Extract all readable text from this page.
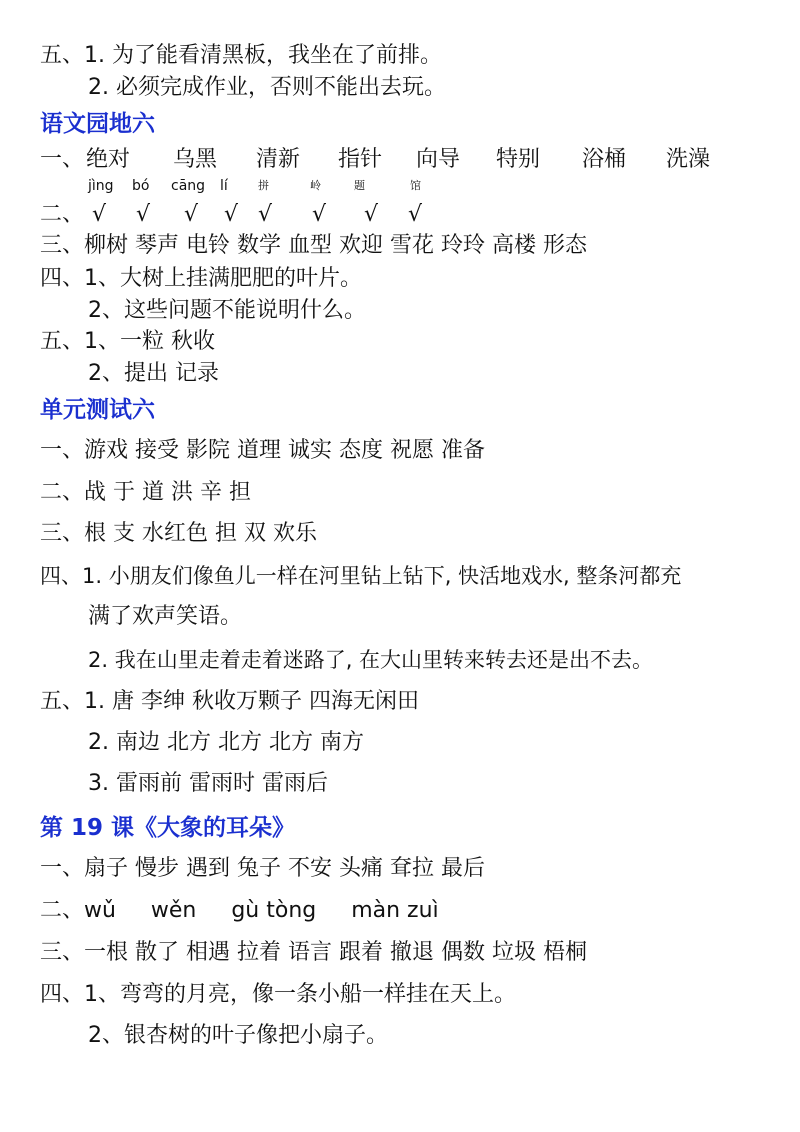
五、1. 为了能看清黑板，我坐在了前排。
2. 必须完成作业，否则不能出去玩。
语文园地六
一、 绝对 乌黑 清新 指针 向导 特别 浴桶 洗澡
jìng bó cāng lí	拼	岭	题	馆
二、 √ √ √ √ √ √ √ √
三、柳树 琴声 电铃 数学 血型 欢迎 雪花 玲玲 高楼 形态
四、1、大树上挂满肥肥的叶片。
2、这些问题不能说明什么。
五、1、一粒 秋收
2、提出 记录
单元测试六
一、游戏 接受 影院 道理 诚实 态度 祝愿 准备
二、战 于 道 洪 辛 担
三、根 支 水红色 担 双 欢乐
四、1. 小朋友们像鱼儿一样在河里钻上钻下, 快活地戏水, 整条河都充
满了欢声笑语。
2. 我在山里走着走着迷路了, 在大山里转来转去还是出不去。
五、1. 唐 李绅 秋收万颗子 四海无闲田
2. 南边 北方 北方 北方 南方
3. 雷雨前 雷雨时 雷雨后
第 19 课《大象的耳朵》
一、扇子 慢步 遇到 兔子 不安 头痛 耷拉 最后
二、wǔ     wěn     gù tòng     màn zuì
三、一根 散了 相遇 拉着 语言 跟着 撤退 偶数 垃圾 梧桐
四、1、弯弯的月亮，像一条小船一样挂在天上。
2、银杏树的叶子像把小扇子。
